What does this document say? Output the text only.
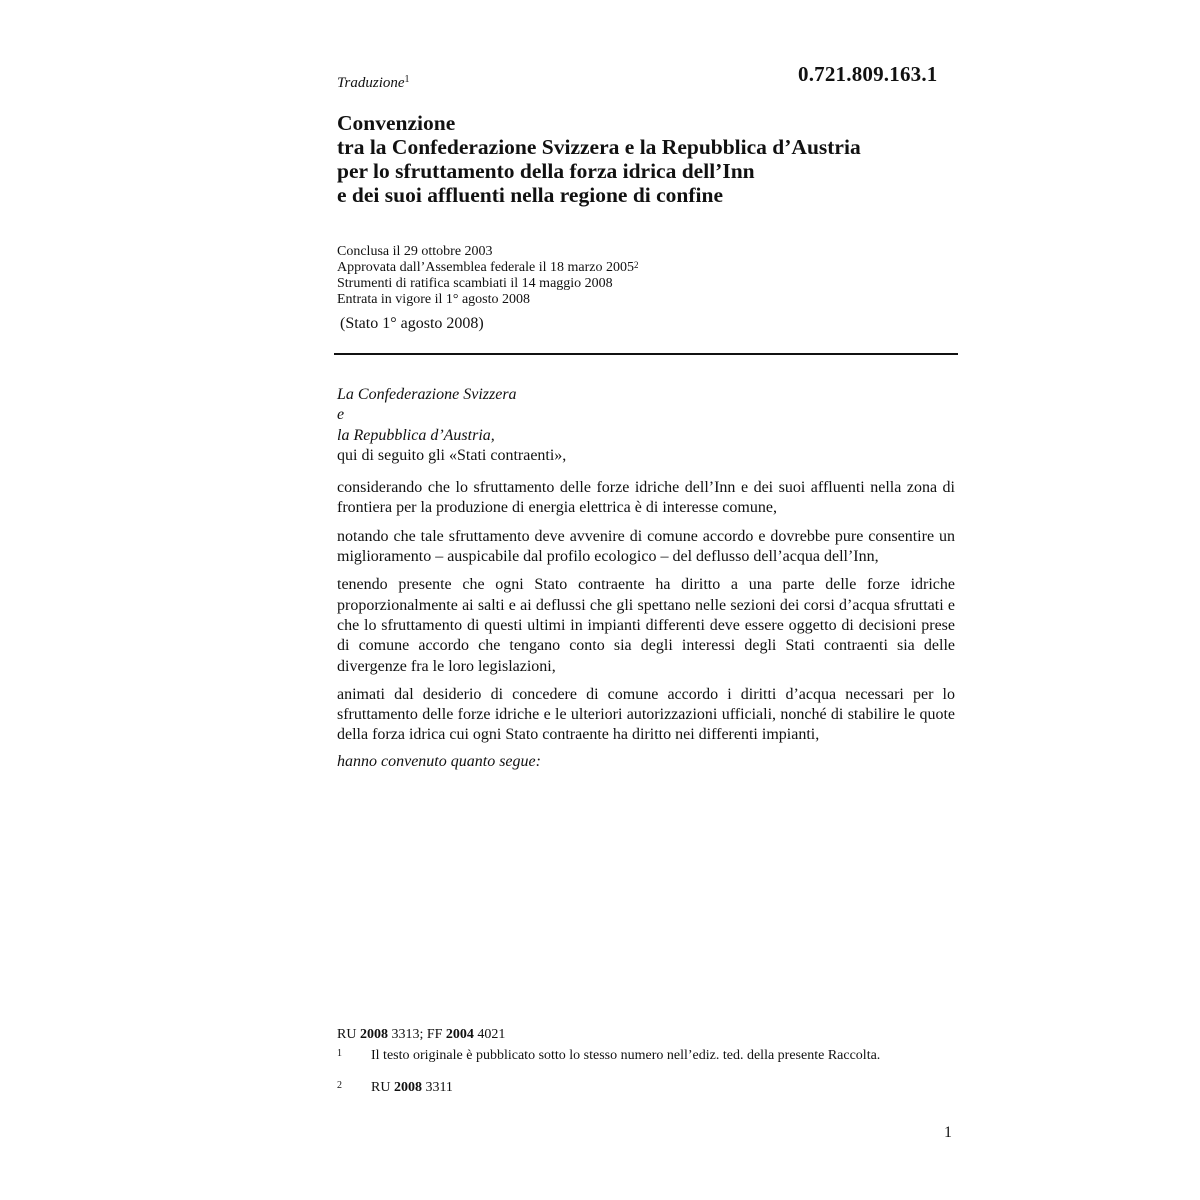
0.721.809.163.1
Traduzione$^1$
Convenzione
tra la Confederazione Svizzera e la Repubblica d’Austria
per lo sfruttamento della forza idrica dell’Inn
e dei suoi affluenti nella regione di confine
Conclusa il 29 ottobre 2003
Approvata dall’Assemblea federale il 18 marzo 2005$^2$
Strumenti di ratifica scambiati il 14 maggio 2008
Entrata in vigore il 1° agosto 2008
(Stato 1° agosto 2008)

La Confederazione Svizzera

e

la Repubblica d’Austria,

qui di seguito gli «Stati contraenti»,

considerando che lo sfruttamento delle forze idriche dell’Inn e dei suoi affluenti nella zona di frontiera per la produzione di energia elettrica è di interesse comune,

notando che tale sfruttamento deve avvenire di comune accordo e dovrebbe pure consentire un miglioramento – auspicabile dal profilo ecologico – del deflusso dell’acqua dell’Inn,

tenendo presente che ogni Stato contraente ha diritto a una parte delle forze idriche proporzionalmente ai salti e ai deflussi che gli spettano nelle sezioni dei corsi d’acqua sfruttati e che lo sfruttamento di questi ultimi in impianti differenti deve essere oggetto di decisioni prese di comune accordo che tengano conto sia degli interessi degli Stati contraenti sia delle divergenze fra le loro legislazioni,

animati dal desiderio di concedere di comune accordo i diritti d’acqua necessari per lo sfruttamento delle forze idriche e le ulteriori autorizzazioni ufficiali, nonché di stabilire le quote della forza idrica cui ogni Stato contraente ha diritto nei differenti impianti,

hanno convenuto quanto segue:

RU 2008 3313; FF 2004 4021
1 Il testo originale è pubblicato sotto lo stesso numero nell’ediz. ted. della presente Raccolta.
2 RU 2008 3311
1
